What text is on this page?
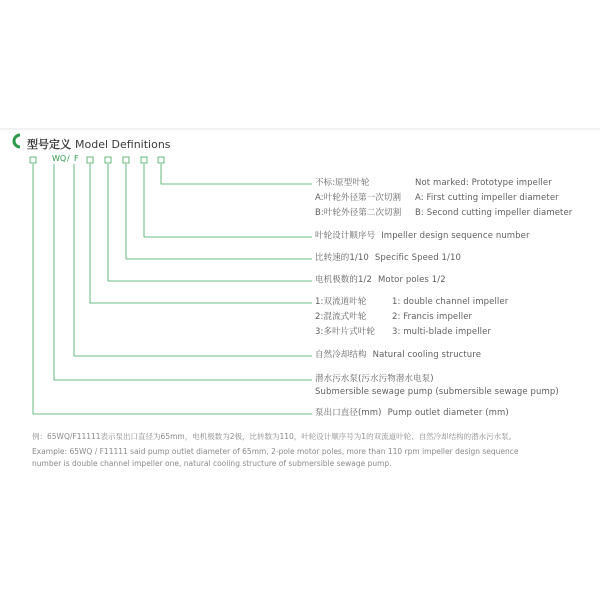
型号定义 Model Definitions
WQ / F
不标:原型叶轮	Not marked: Prototype impeller
A:叶轮外径第一次切割 A: First cutting impeller diameter
B:叶轮外径第二次切割 B: Second cutting impeller diameter
叶轮设计顺序号 Impeller design sequence number
比转速的1/10 Specific Speed 1/10
电机极数的1/2 Motor poles 1/2
1:双流道叶轮	1: double channel impeller
2:混流式叶轮	2: Francis impeller
3:多叶片式叶轮 3: multi-blade impeller
自然冷却结构 Natural cooling structure
潜水污水泵(污水污物潜水电泵)
Submersible sewage pump (submersible sewage pump)
泵出口直径(mm) Pump outlet diameter (mm)
例：65WQ/F11111表示泵出口直径为65mm，电机极数为2极，比转数为110，叶轮设计顺序号为1的双流道叶轮、自然冷却结构的潜水污水泵。
Example: 65WQ / F11111 said pump outlet diameter of 65mm, 2-pole motor poles, more than 110 rpm impeller design sequence
number is double channel impeller one, natural cooling structure of submersible sewage pump.
